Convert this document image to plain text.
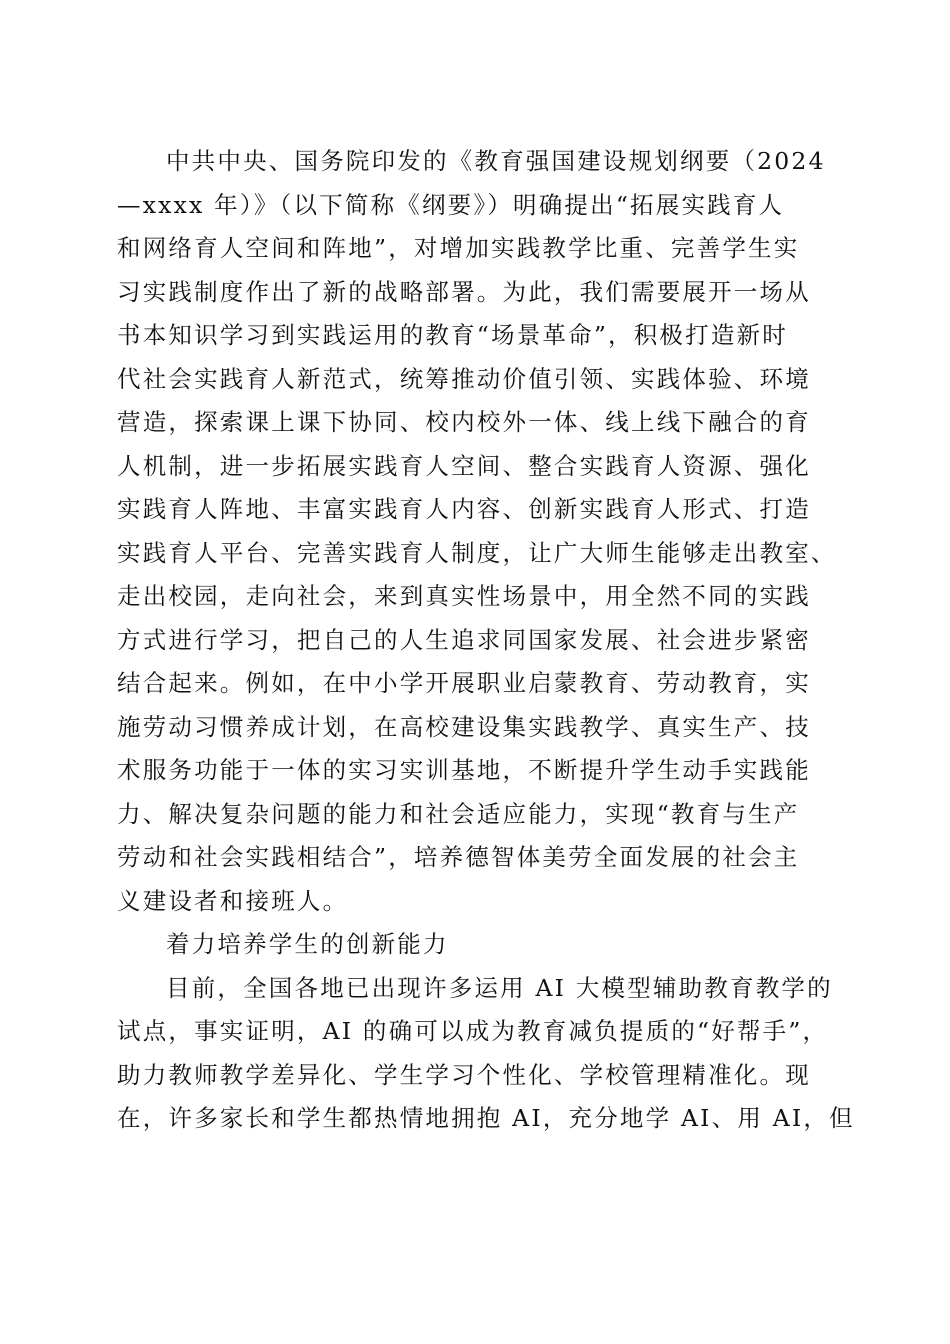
中共中央、国务院印发的《教育强国建设规划纲要（2024
—xxxx 年）》（以下简称《纲要》）明确提出“拓展实践育人
和网络育人空间和阵地”，对增加实践教学比重、完善学生实
习实践制度作出了新的战略部署。为此，我们需要展开一场从
书本知识学习到实践运用的教育“场景革命”，积极打造新时
代社会实践育人新范式，统筹推动价值引领、实践体验、环境
营造，探索课上课下协同、校内校外一体、线上线下融合的育
人机制，进一步拓展实践育人空间、整合实践育人资源、强化
实践育人阵地、丰富实践育人内容、创新实践育人形式、打造
实践育人平台、完善实践育人制度，让广大师生能够走出教室、
走出校园，走向社会，来到真实性场景中，用全然不同的实践
方式进行学习，把自己的人生追求同国家发展、社会进步紧密
结合起来。例如，在中小学开展职业启蒙教育、劳动教育，实
施劳动习惯养成计划，在高校建设集实践教学、真实生产、技
术服务功能于一体的实习实训基地，不断提升学生动手实践能
力、解决复杂问题的能力和社会适应能力，实现“教育与生产
劳动和社会实践相结合”，培养德智体美劳全面发展的社会主
义建设者和接班人。
着力培养学生的创新能力
目前，全国各地已出现许多运用 AI 大模型辅助教育教学的
试点，事实证明，AI 的确可以成为教育减负提质的“好帮手”，
助力教师教学差异化、学生学习个性化、学校管理精准化。现
在，许多家长和学生都热情地拥抱 AI，充分地学 AI、用 AI，但
